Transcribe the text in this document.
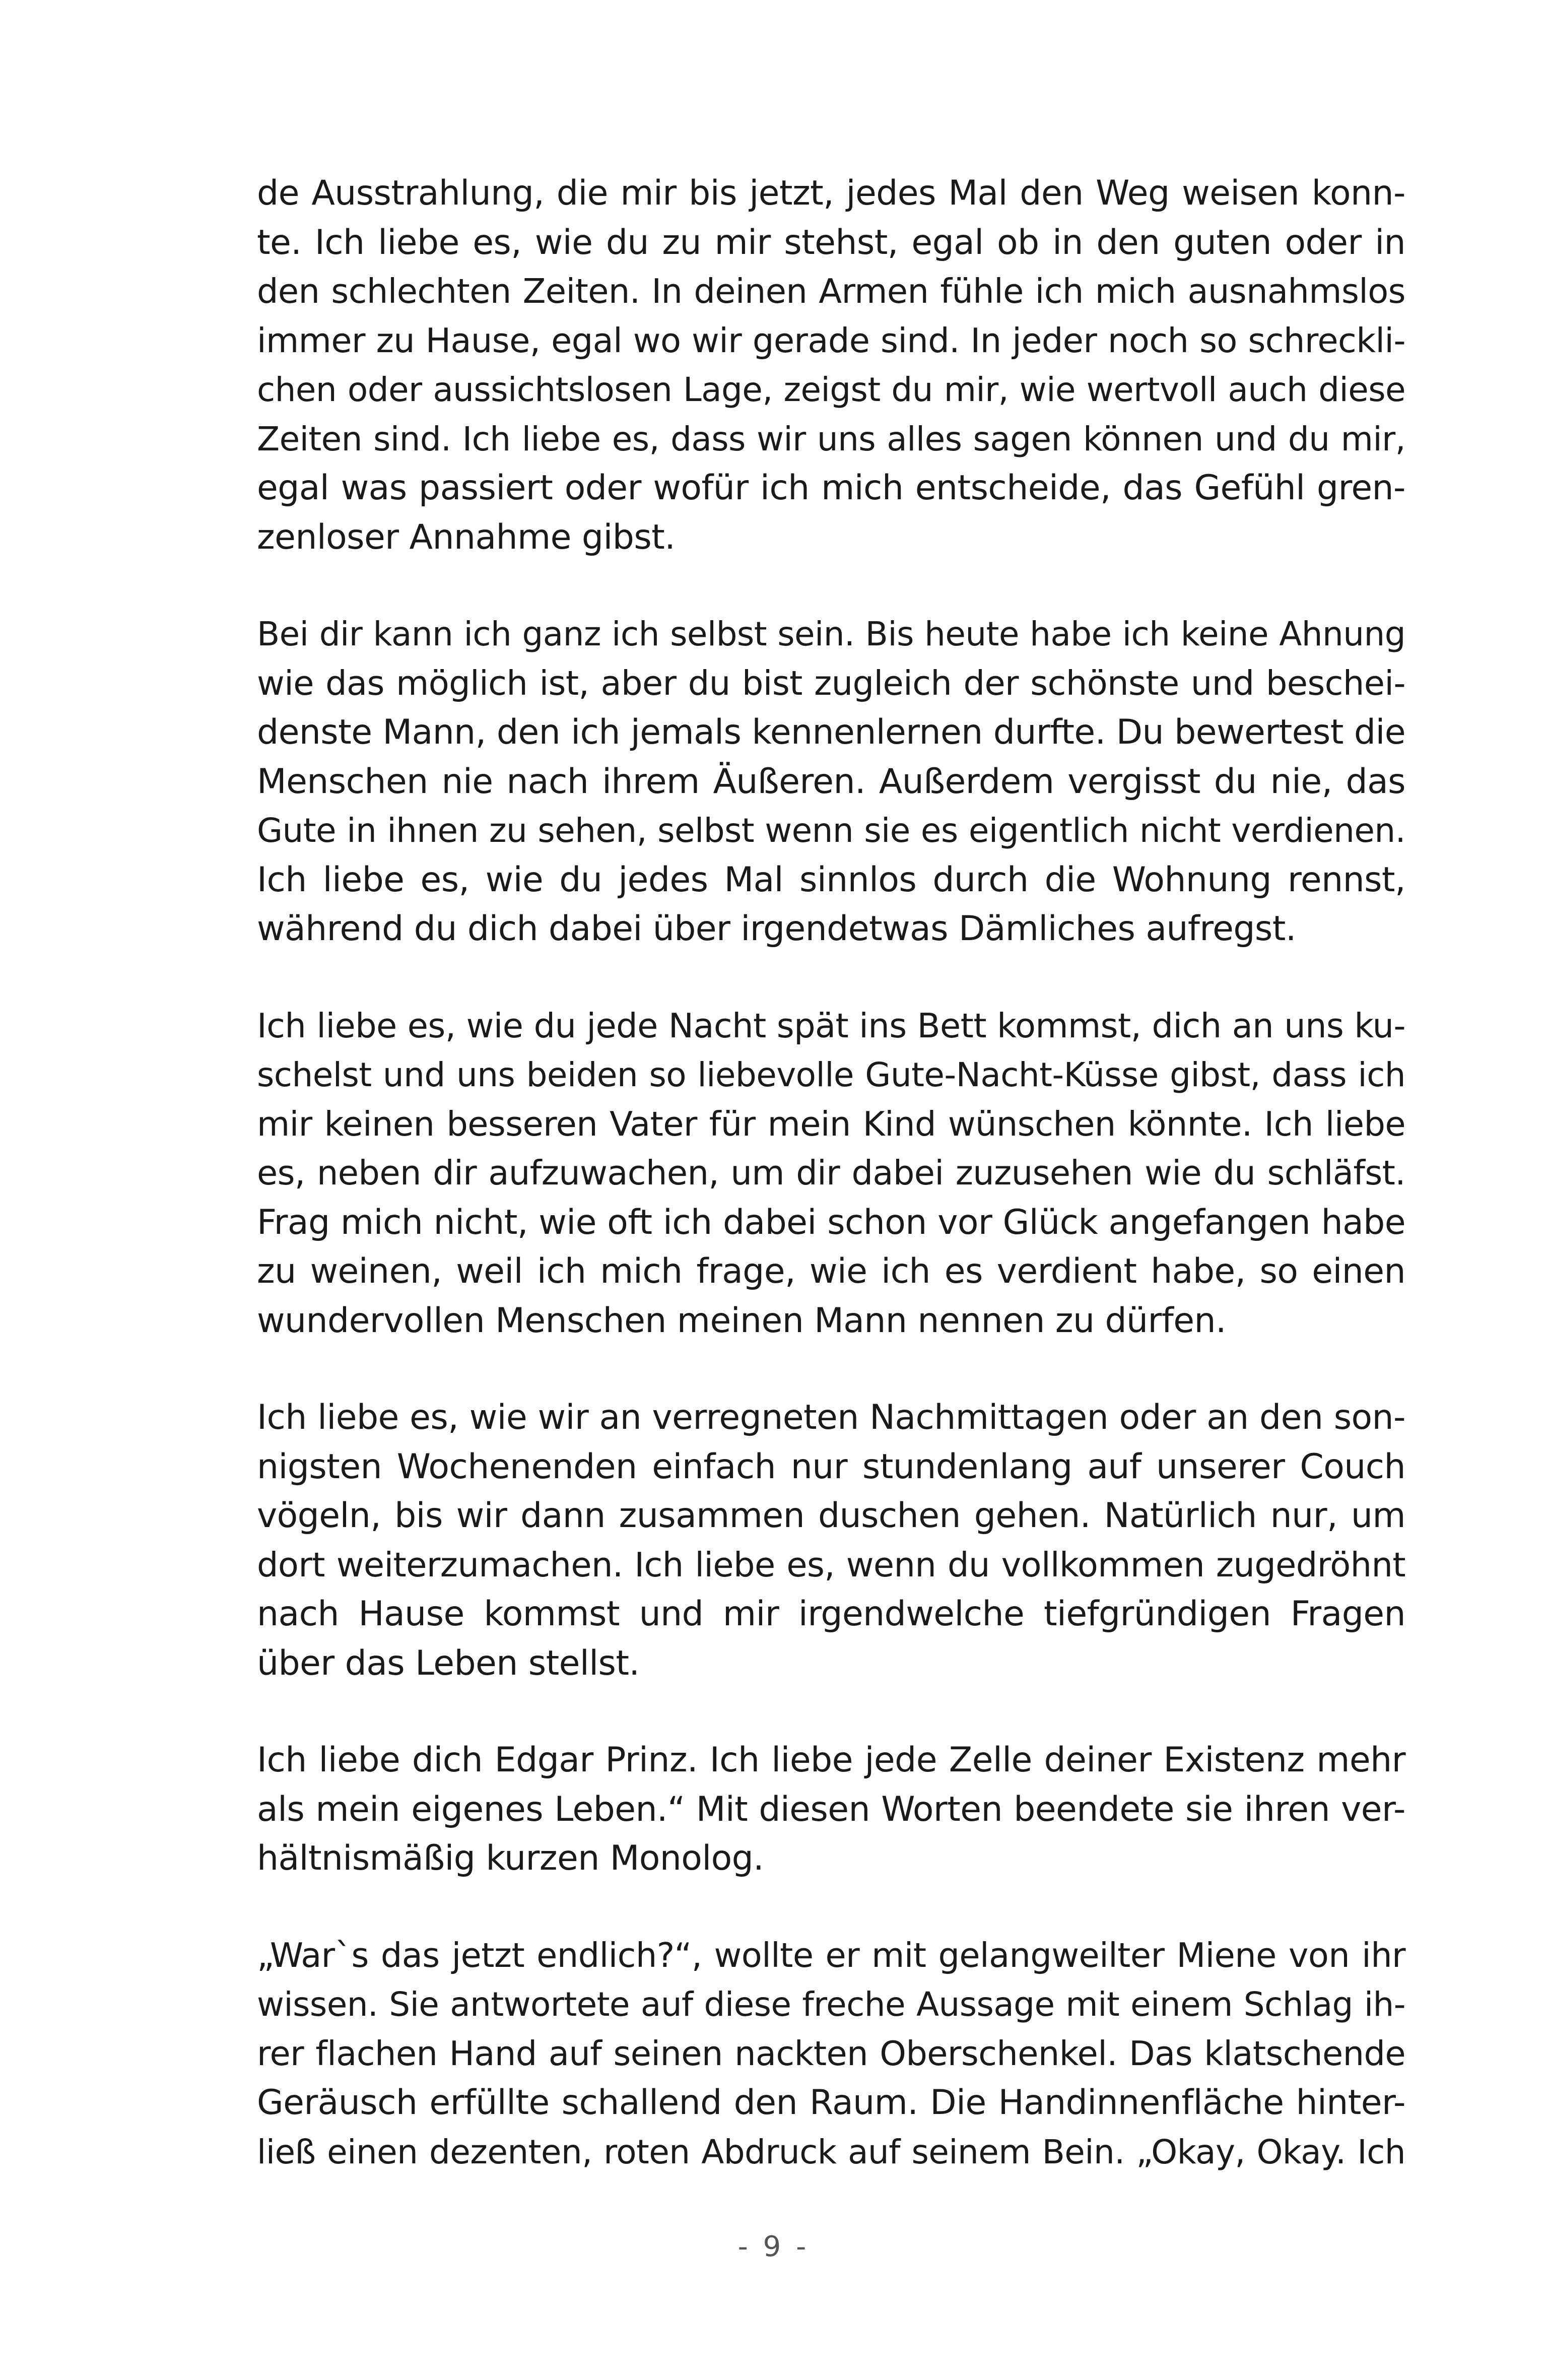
de Ausstrahlung, die mir bis jetzt, jedes Mal den Weg weisen konn-
te. Ich liebe es, wie du zu mir stehst, egal ob in den guten oder in
den schlechten Zeiten. In deinen Armen fühle ich mich ausnahmslos
immer zu Hause, egal wo wir gerade sind. In jeder noch so schreckli-
chen oder aussichtslosen Lage, zeigst du mir, wie wertvoll auch diese
Zeiten sind. Ich liebe es, dass wir uns alles sagen können und du mir,
egal was passiert oder wofür ich mich entscheide, das Gefühl gren-
zenloser Annahme gibst.
Bei dir kann ich ganz ich selbst sein. Bis heute habe ich keine Ahnung
wie das möglich ist, aber du bist zugleich der schönste und beschei-
denste Mann, den ich jemals kennenlernen durfte. Du bewertest die
Menschen nie nach ihrem Äußeren. Außerdem vergisst du nie, das
Gute in ihnen zu sehen, selbst wenn sie es eigentlich nicht verdienen.
Ich liebe es, wie du jedes Mal sinnlos durch die Wohnung rennst,
während du dich dabei über irgendetwas Dämliches aufregst.
Ich liebe es, wie du jede Nacht spät ins Bett kommst, dich an uns ku-
schelst und uns beiden so liebevolle Gute-Nacht-Küsse gibst, dass ich
mir keinen besseren Vater für mein Kind wünschen könnte. Ich liebe
es, neben dir aufzuwachen, um dir dabei zuzusehen wie du schläfst.
Frag mich nicht, wie oft ich dabei schon vor Glück angefangen habe
zu weinen, weil ich mich frage, wie ich es verdient habe, so einen
wundervollen Menschen meinen Mann nennen zu dürfen.
Ich liebe es, wie wir an verregneten Nachmittagen oder an den son-
nigsten Wochenenden einfach nur stundenlang auf unserer Couch
vögeln, bis wir dann zusammen duschen gehen. Natürlich nur, um
dort weiterzumachen. Ich liebe es, wenn du vollkommen zugedröhnt
nach Hause kommst und mir irgendwelche tiefgründigen Fragen
über das Leben stellst.
Ich liebe dich Edgar Prinz. Ich liebe jede Zelle deiner Existenz mehr
als mein eigenes Leben.“ Mit diesen Worten beendete sie ihren ver-
hältnismäßig kurzen Monolog.
„War`s das jetzt endlich?“, wollte er mit gelangweilter Miene von ihr
wissen. Sie antwortete auf diese freche Aussage mit einem Schlag ih-
rer flachen Hand auf seinen nackten Oberschenkel. Das klatschende
Geräusch erfüllte schallend den Raum. Die Handinnenfläche hinter-
ließ einen dezenten, roten Abdruck auf seinem Bein. „Okay, Okay. Ich
- 9 -
